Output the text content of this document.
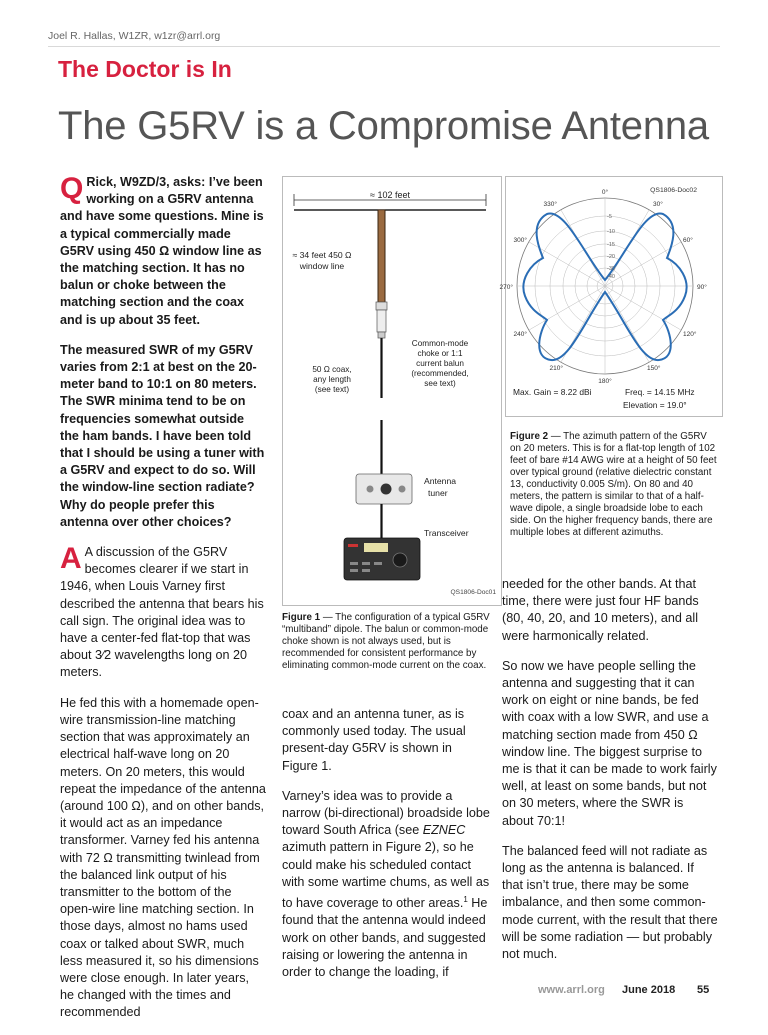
Joel R. Hallas, W1ZR, w1zr@arrl.org
The Doctor is In
The G5RV is a Compromise Antenna

Q Rick, W9ZD/3, asks: I’ve been working on a G5RV antenna and have some questions. Mine is a typical commercially made G5RV using 450 Ω window line as the matching section. It has no balun or choke between the matching section and the coax and is up about 35 feet.

The measured SWR of my G5RV varies from 2:1 at best on the 20-meter band to 10:1 on 80 meters. The SWR minima tend to be on frequencies somewhat outside the ham bands. I have been told that I should be using a tuner with a G5RV and expect to do so. Will the window-line section radiate? Why do people prefer this antenna over other choices?

A A discussion of the G5RV becomes clearer if we start in 1946, when Louis Varney first described the antenna that bears his call sign. The original idea was to have a center-fed flat-top that was about 3⁄2 wavelengths long on 20 meters.

He fed this with a homemade open-wire transmission-line matching section that was approximately an electrical half-wave long on 20 meters. On 20 meters, this would repeat the impedance of the antenna (around 100 Ω), and on other bands, it would act as an impedance transformer. Varney fed his antenna with 72 Ω transmitting twinlead from the balanced link output of his transmitter to the bottom of the open-wire line matching section. In those days, almost no hams used coax or talked about SWR, much less measured it, so his dimensions were close enough. In later years, he changed with the times and recommended

≈ 102 feet
≈ 34 feet 450 Ω
window line
Common-mode
choke or 1:1
current balun
(recommended,
see text)
50 Ω coax,
any length
(see text)
Antenna
tuner
Transceiver
QS1806-Doc01
Figure 1 — The configuration of a typical G5RV “multiband” dipole. The balun or common-mode choke shown is not always used, but is recommended for consistent performance by eliminating common-mode current on the coax.
0°
30°
60°
90°
120°
150°
180°
210°
240°
270°
300°
330°
-5
-10
-15
-20
-30
-40
QS1806-Doc02
Max. Gain = 8.22 dBi	Freq. = 14.15 MHz
Elevation = 19.0°
Figure 2 — The azimuth pattern of the G5RV on 20 meters. This is for a flat-top length of 102 feet of bare #14 AWG wire at a height of 50 feet over typical ground (relative dielectric constant 13, conductivity 0.005 S/m). On 80 and 40 meters, the pattern is similar to that of a half-wave dipole, a single broadside lobe to each side. On the higher frequency bands, there are multiple lobes at different azimuths.

coax and an antenna tuner, as is commonly used today. The usual present-day G5RV is shown in Figure 1.

Varney’s idea was to provide a narrow (bi-directional) broadside lobe toward South Africa (see EZNEC azimuth pattern in Figure 2), so he could make his scheduled contact with some wartime chums, as well as to have coverage to other areas.$^1$ He found that the antenna would indeed work on other bands, and suggested raising or lowering the antenna in order to change the loading, if

needed for the other bands. At that time, there were just four HF bands (80, 40, 20, and 10 meters), and all were harmonically related.

So now we have people selling the antenna and suggesting that it can work on eight or nine bands, be fed with coax with a low SWR, and use a matching section made from 450 Ω window line. The biggest surprise to me is that it can be made to work fairly well, at least on some bands, but not on 30 meters, where the SWR is about 70:1!

The balanced feed will not radiate as long as the antenna is balanced. If that isn’t true, there may be some imbalance, and then some common-mode current, with the result that there will be some radiation — but probably not much.

www.arrl.org June 2018 55
